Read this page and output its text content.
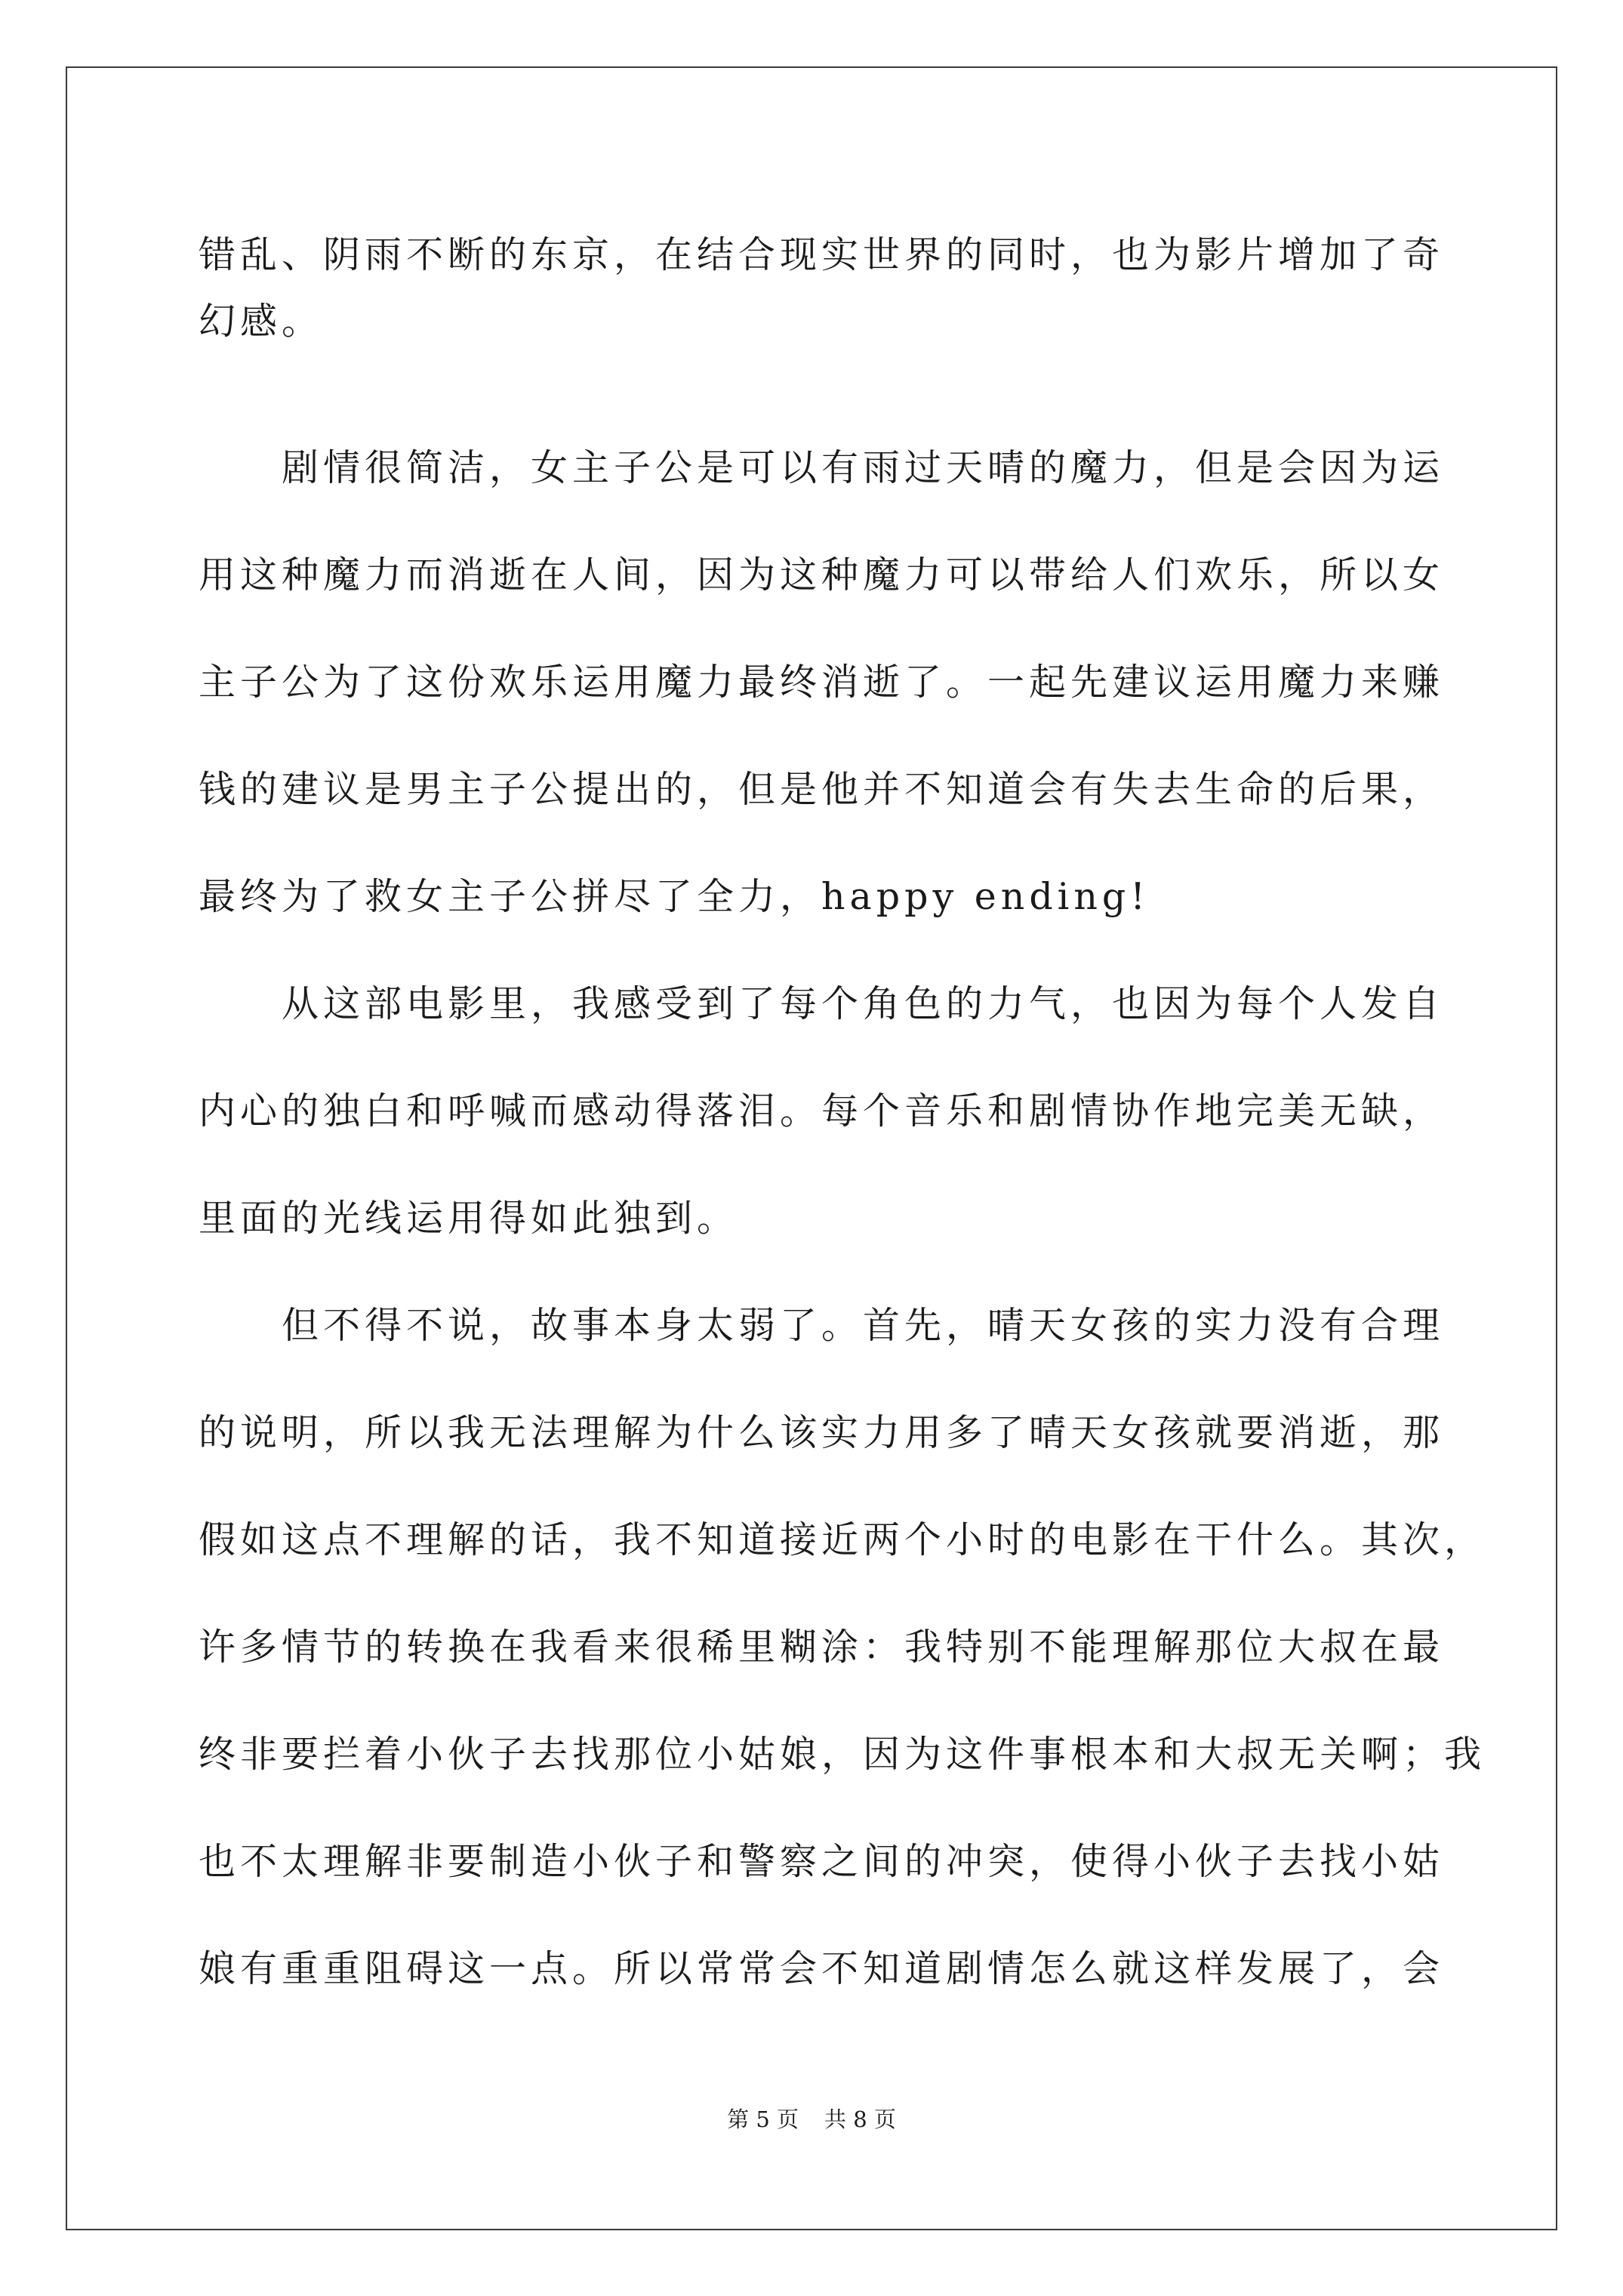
错乱、阴雨不断的东京，在结合现实世界的同时，也为影片增加了奇
幻感。
剧情很简洁，女主子公是可以有雨过天晴的魔力，但是会因为运
用这种魔力而消逝在人间，因为这种魔力可以带给人们欢乐，所以女
主子公为了这份欢乐运用魔力最终消逝了。一起先建议运用魔力来赚
钱的建议是男主子公提出的，但是他并不知道会有失去生命的后果，
最终为了救女主子公拼尽了全力，happy ending!
从这部电影里，我感受到了每个角色的力气，也因为每个人发自
内心的独白和呼喊而感动得落泪。每个音乐和剧情协作地完美无缺，
里面的光线运用得如此独到。
但不得不说，故事本身太弱了。首先，晴天女孩的实力没有合理
的说明，所以我无法理解为什么该实力用多了晴天女孩就要消逝，那
假如这点不理解的话，我不知道接近两个小时的电影在干什么。其次，
许多情节的转换在我看来很稀里糊涂：我特别不能理解那位大叔在最
终非要拦着小伙子去找那位小姑娘，因为这件事根本和大叔无关啊；我
也不太理解非要制造小伙子和警察之间的冲突，使得小伙子去找小姑
娘有重重阻碍这一点。所以常常会不知道剧情怎么就这样发展了，会
第 5 页 共 8 页
